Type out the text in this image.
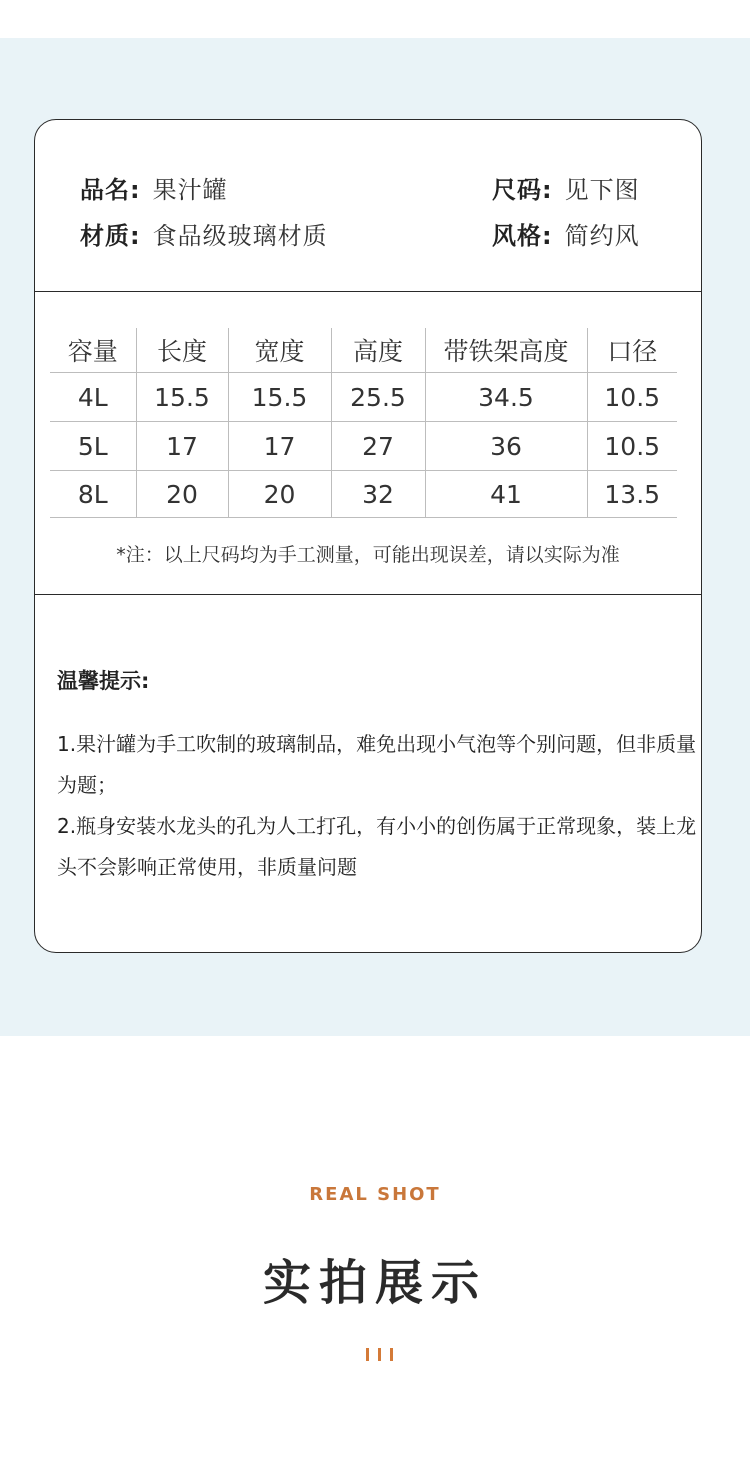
品名: 果汁罐	尺码: 见下图
材质: 食品级玻璃材质	风格: 简约风
容量	长度	宽度	高度	带铁架高度	口径
4L	15.5	15.5	25.5	34.5	10.5
5L	17	17	27	36	10.5
8L	20	20	32	41	13.5
*注：以上尺码均为手工测量，可能出现误差，请以实际为准
温馨提示:

1.果汁罐为手工吹制的玻璃制品，难免出现小气泡等个别问题，但非质量为题；

2.瓶身安装水龙头的孔为人工打孔，有小小的创伤属于正常现象，装上龙头不会影响正常使用，非质量问题

REAL SHOT
实拍展示
